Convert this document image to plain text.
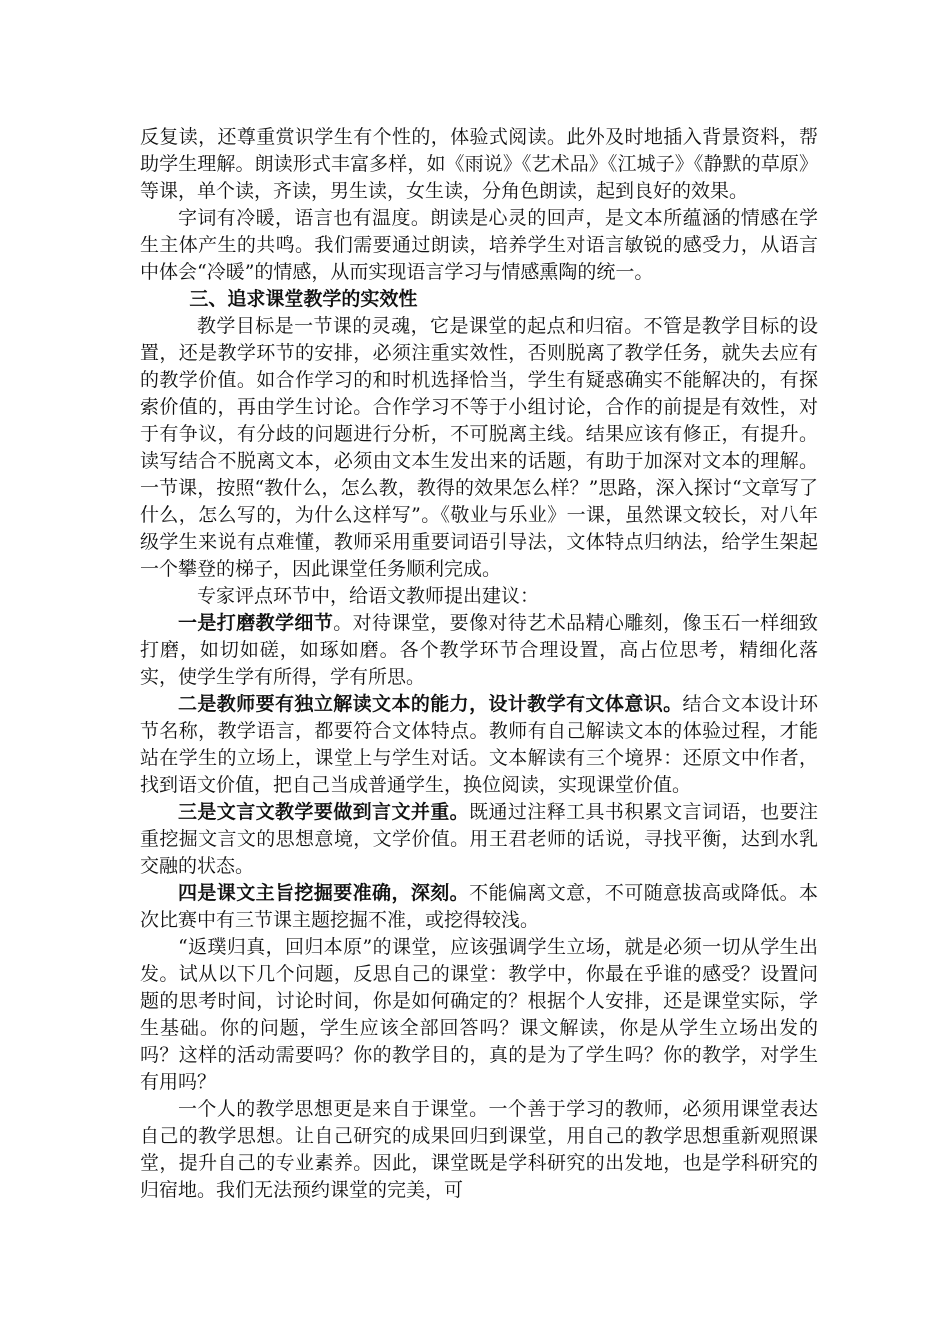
反复读，还尊重赏识学生有个性的，体验式阅读。此外及时地插入背景资料，帮助学生理解。朗读形式丰富多样，如《雨说》《艺术品》《江城子》《静默的草原》等课，单个读，齐读，男生读，女生读，分角色朗读，起到良好的效果。

字词有冷暖，语言也有温度。朗读是心灵的回声，是文本所蕴涵的情感在学生主体产生的共鸣。我们需要通过朗读，培养学生对语言敏锐的感受力，从语言中体会“冷暖”的情感，从而实现语言学习与情感熏陶的统一。

三、追求课堂教学的实效性

教学目标是一节课的灵魂，它是课堂的起点和归宿。不管是教学目标的设置，还是教学环节的安排，必须注重实效性，否则脱离了教学任务，就失去应有的教学价值。如合作学习的和时机选择恰当，学生有疑惑确实不能解决的，有探索价值的，再由学生讨论。合作学习不等于小组讨论，合作的前提是有效性，对于有争议，有分歧的问题进行分析，不可脱离主线。结果应该有修正，有提升。读写结合不脱离文本，必须由文本生发出来的话题，有助于加深对文本的理解。一节课，按照“教什么，怎么教，教得的效果怎么样？”思路，深入探讨“文章写了什么，怎么写的，为什么这样写”。《敬业与乐业》一课，虽然课文较长，对八年级学生来说有点难懂，教师采用重要词语引导法，文体特点归纳法，给学生架起一个攀登的梯子，因此课堂任务顺利完成。

专家评点环节中，给语文教师提出建议：

一是打磨教学细节。对待课堂，要像对待艺术品精心雕刻，像玉石一样细致打磨，如切如磋，如琢如磨。各个教学环节合理设置，高占位思考，精细化落实，使学生学有所得，学有所思。

二是教师要有独立解读文本的能力，设计教学有文体意识。结合文本设计环节名称，教学语言，都要符合文体特点。教师有自己解读文本的体验过程，才能站在学生的立场上，课堂上与学生对话。文本解读有三个境界：还原文中作者，找到语文价值，把自己当成普通学生，换位阅读，实现课堂价值。

三是文言文教学要做到言文并重。既通过注释工具书积累文言词语，也要注重挖掘文言文的思想意境，文学价值。用王君老师的话说，寻找平衡，达到水乳交融的状态。

四是课文主旨挖掘要准确，深刻。不能偏离文意，不可随意拔高或降低。本次比赛中有三节课主题挖掘不准，或挖得较浅。

“返璞归真，回归本原”的课堂，应该强调学生立场，就是必须一切从学生出发。试从以下几个问题，反思自己的课堂：教学中，你最在乎谁的感受？设置问题的思考时间，讨论时间，你是如何确定的？根据个人安排，还是课堂实际，学生基础。你的问题，学生应该全部回答吗？课文解读，你是从学生立场出发的吗？这样的活动需要吗？你的教学目的，真的是为了学生吗？你的教学，对学生有用吗？

一个人的教学思想更是来自于课堂。一个善于学习的教师，必须用课堂表达自己的教学思想。让自己研究的成果回归到课堂，用自己的教学思想重新观照课堂，提升自己的专业素养。因此，课堂既是学科研究的出发地，也是学科研究的归宿地。我们无法预约课堂的完美，可
